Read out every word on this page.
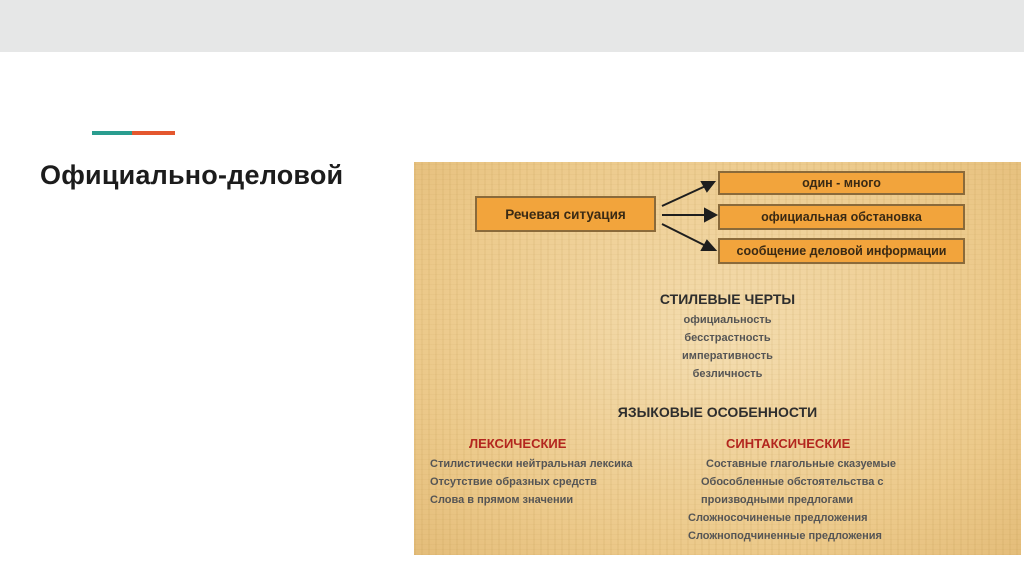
Официально-деловой
Речевая ситуация
один - много
официальная обстановка
сообщение деловой информации
СТИЛЕВЫЕ ЧЕРТЫ
официальность
бесстрастность
императивность
безличность
ЯЗЫКОВЫЕ ОСОБЕННОСТИ
ЛЕКСИЧЕСКИЕ
Стилистически нейтральная лексика
Отсутствие образных средств
Слова в прямом значении
СИНТАКСИЧЕСКИЕ
Составные глагольные сказуемые
Обособленные обстоятельства с
производными предлогами
Сложносочиненые предложения
Сложноподчиненные предложения
